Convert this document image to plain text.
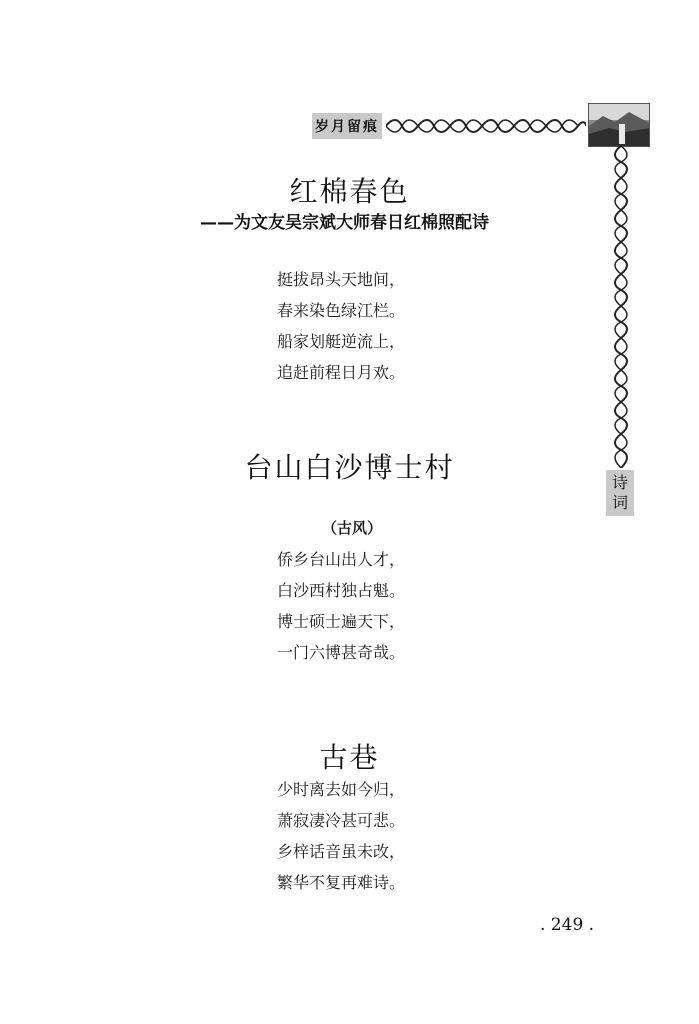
岁月留痕
诗
词
红棉春色
——为文友吴宗斌大师春日红棉照配诗
挺拔昂头天地间，
春来染色绿江栏。
船家划艇逆流上，
追赶前程日月欢。
台山白沙博士村
（古风）
侨乡台山出人才，
白沙西村独占魁。
博士硕士遍天下，
一门六博甚奇哉。
古巷
少时离去如今归，
萧寂凄冷甚可悲。
乡梓话音虽未改，
繁华不复再难诗。
. 249 .
